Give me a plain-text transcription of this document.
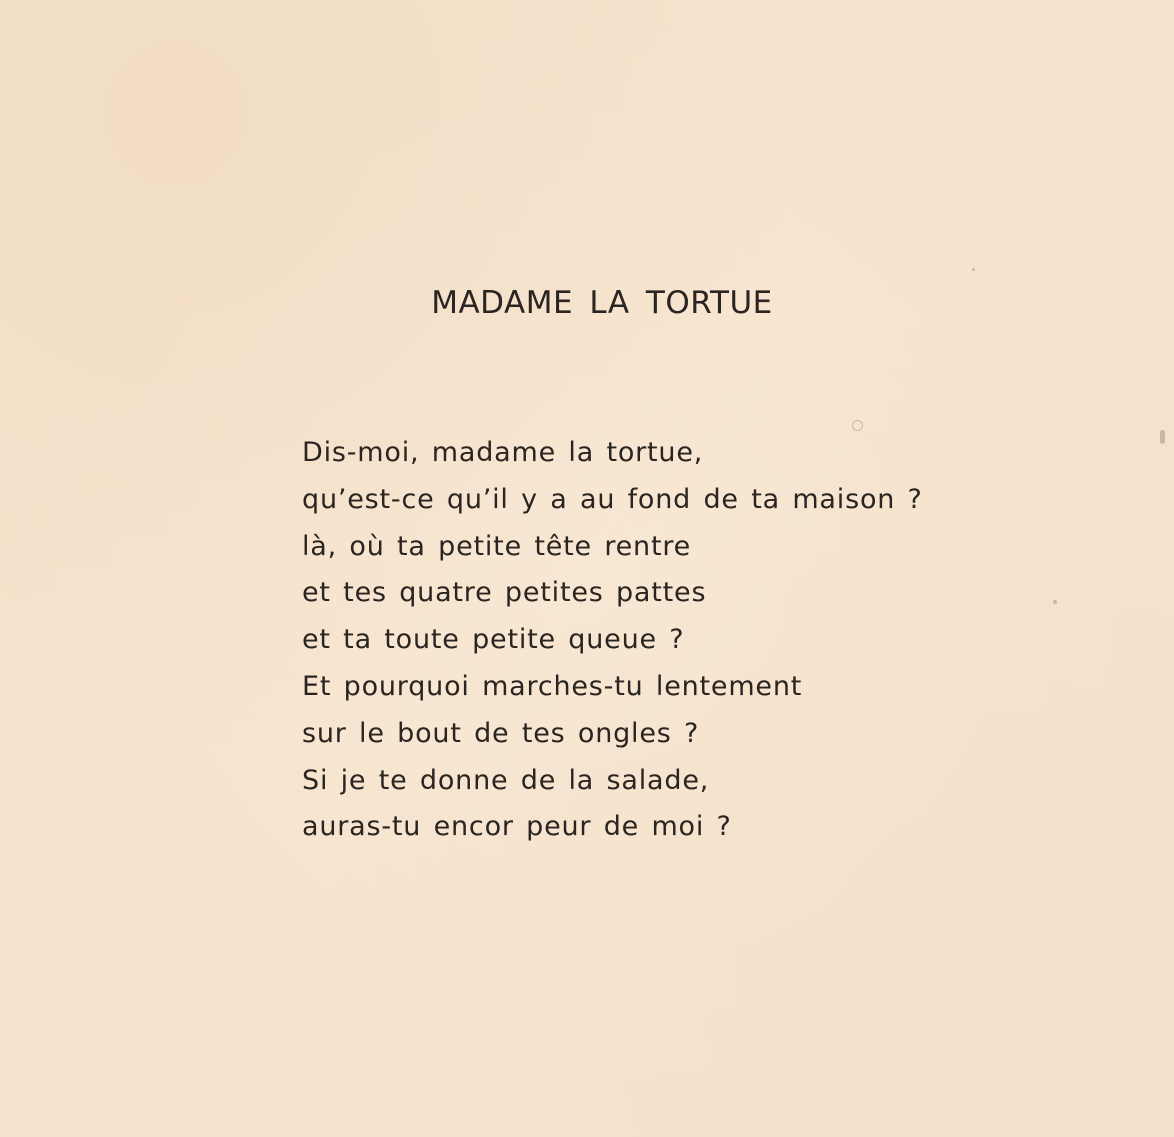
MADAME LA TORTUE
Dis-moi, madame la tortue,
qu’est-ce qu’il y a au fond de ta maison ?
là, où ta petite tête rentre
et tes quatre petites pattes
et ta toute petite queue ?
Et pourquoi marches-tu lentement
sur le bout de tes ongles ?
Si je te donne de la salade,
auras-tu encor peur de moi ?
